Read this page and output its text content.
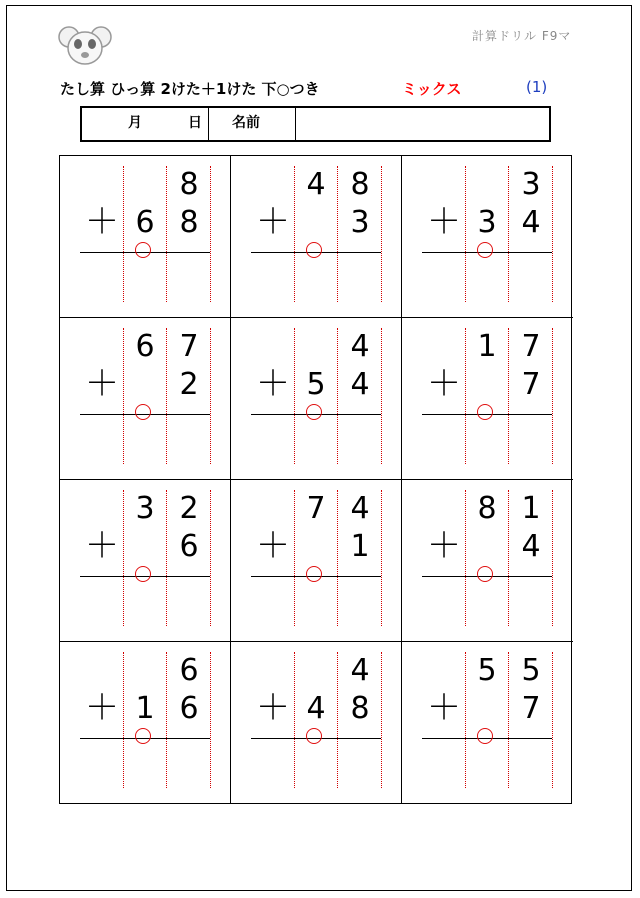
計算ドリル F9マ
たし算 ひっ算 2けた＋1けた 下○つき	ミックス	(1)
月	日 名前
8
＋ 6 8
4 8
＋ 3
3
＋ 3 4
6 7
＋ 2
4
＋ 5 4
1 7
＋ 7
3 2
＋ 6
7 4
＋ 1
8 1
＋ 4
6
＋ 1 6
4
＋ 4 8
5 5
＋ 7
